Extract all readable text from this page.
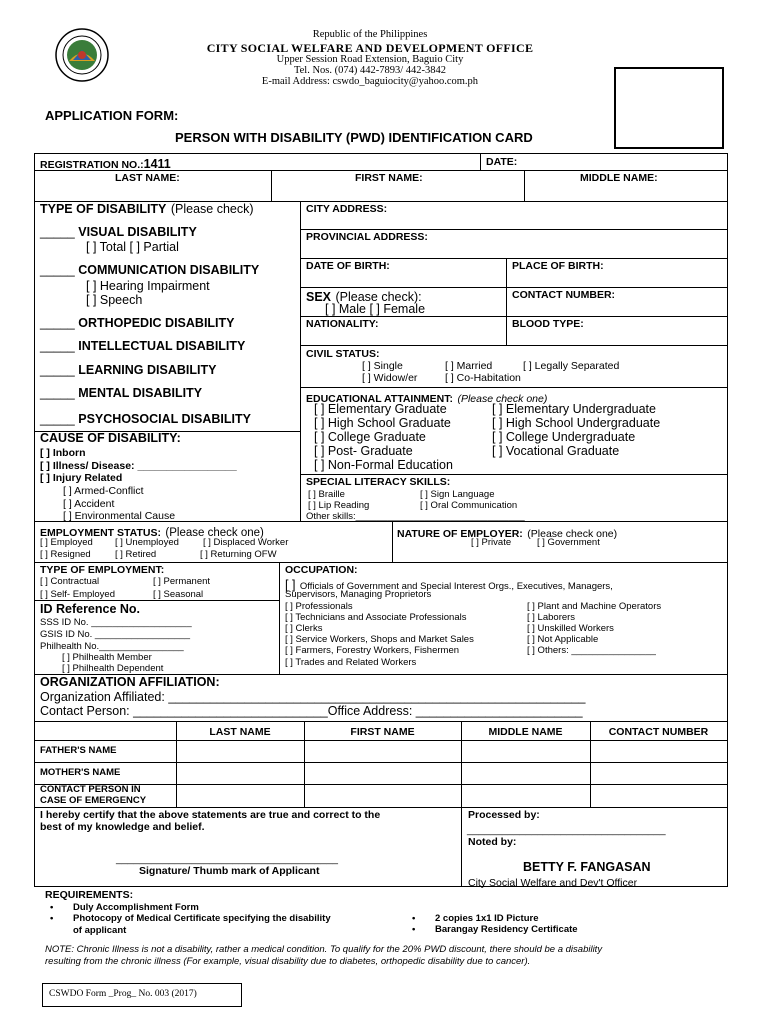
Republic of the Philippines
CITY SOCIAL WELFARE AND DEVELOPMENT OFFICE
Upper Session Road Extension, Baguio City
Tel. Nos. (074) 442-7893/ 442-3842
E-mail Address: cswdo_baguiocity@yahoo.com.ph
APPLICATION FORM:
PERSON WITH DISABILITY (PWD) IDENTIFICATION CARD
REGISTRATION NO.:1411	DATE:
LAST NAME:	FIRST NAME:	MIDDLE NAME:
TYPE OF DISABILITY (Please check)
_____ VISUAL DISABILITY
[ ] Total [ ] Partial
_____ COMMUNICATION DISABILITY
[ ] Hearing Impairment
[ ] Speech
_____ ORTHOPEDIC DISABILITY
_____ INTELLECTUAL DISABILITY
_____ LEARNING DISABILITY
_____ MENTAL DISABILITY
_____ PSYCHOSOCIAL DISABILITY
CAUSE OF DISABILITY:
[ ] Inborn
[ ] Illness/ Disease: _________________
[ ] Injury Related
[ ] Armed-Conflict
[ ] Accident
[ ] Environmental Cause
CITY ADDRESS:
PROVINCIAL ADDRESS:
DATE OF BIRTH:	PLACE OF BIRTH:
SEX (Please check):
[ ] Male [ ] Female
CONTACT NUMBER:
NATIONALITY:	BLOOD TYPE:
CIVIL STATUS:
[ ] Single	[ ] Married	[ ] Legally Separated
[ ] Widow/er	[ ] Co-Habitation
EDUCATIONAL ATTAINMENT: (Please check one)
[ ] Elementary Graduate
[ ] High School Graduate
[ ] College Graduate
[ ] Post- Graduate
[ ] Non-Formal Education
[ ] Elementary Undergraduate
[ ] High School Undergraduate
[ ] College Undergraduate
[ ] Vocational Graduate
SPECIAL LITERACY SKILLS:
[ ] Braille	[ ] Sign Language
[ ] Lip Reading	[ ] Oral Communication
Other skills:________________________________
EMPLOYMENT STATUS: (Please check one)
[ ] Employed [ ] Unemployed	[ ] Displaced Worker
[ ] Resigned	[ ] Retired	[ ] Returning OFW
NATURE OF EMPLOYER: (Please check one)
[ ] Private	[ ] Government
TYPE OF EMPLOYMENT:
[ ] Contractual	[ ] Permanent
[ ] Self- Employed	[ ] Seasonal
ID Reference No.
SSS ID No. ___________________
GSIS ID No. __________________
Philhealth No.________________
[ ] Philhealth Member
[ ] Philhealth Dependent
OCCUPATION:
[ ] Officials of Government and Special Interest Orgs., Executives, Managers,
Supervisors, Managing Proprietors
[ ] Professionals
[ ] Technicians and Associate Professionals
[ ] Clerks
[ ] Service Workers, Shops and Market Sales
[ ] Farmers, Forestry Workers, Fishermen
[ ] Trades and Related Workers
[ ] Plant and Machine Operators
[ ] Laborers
[ ] Unskilled Workers
[ ] Not Applicable
[ ] Others: ________________
ORGANIZATION AFFILIATION:
Organization Affiliated: ____________________________________________________________
Contact Person: ____________________________Office Address: ________________________
LAST NAME	FIRST NAME	MIDDLE NAME	CONTACT NUMBER
FATHER'S NAME
MOTHER'S NAME
CONTACT PERSON IN
CASE OF EMERGENCY
I hereby certify that the above statements are true and correct to the
best of my knowledge and belief.
______________________________________
Signature/ Thumb mark of Applicant
Processed by:
__________________________________
Noted by:
BETTY F. FANGASAN
City Social Welfare and Dev't Officer
REQUIREMENTS:
• Duly Accomplishment Form
• Photocopy of Medical Certificate specifying the disability of applicant
• 2 copies 1x1 ID Picture
• Barangay Residency Certificate
NOTE: Chronic Illness is not a disability, rather a medical condition. To qualify for the 20% PWD discount, there should be a disability
resulting from the chronic illness (For example, visual disability due to diabetes, orthopedic disability due to cancer).
CSWDO Form _Prog_ No. 003 (2017)
